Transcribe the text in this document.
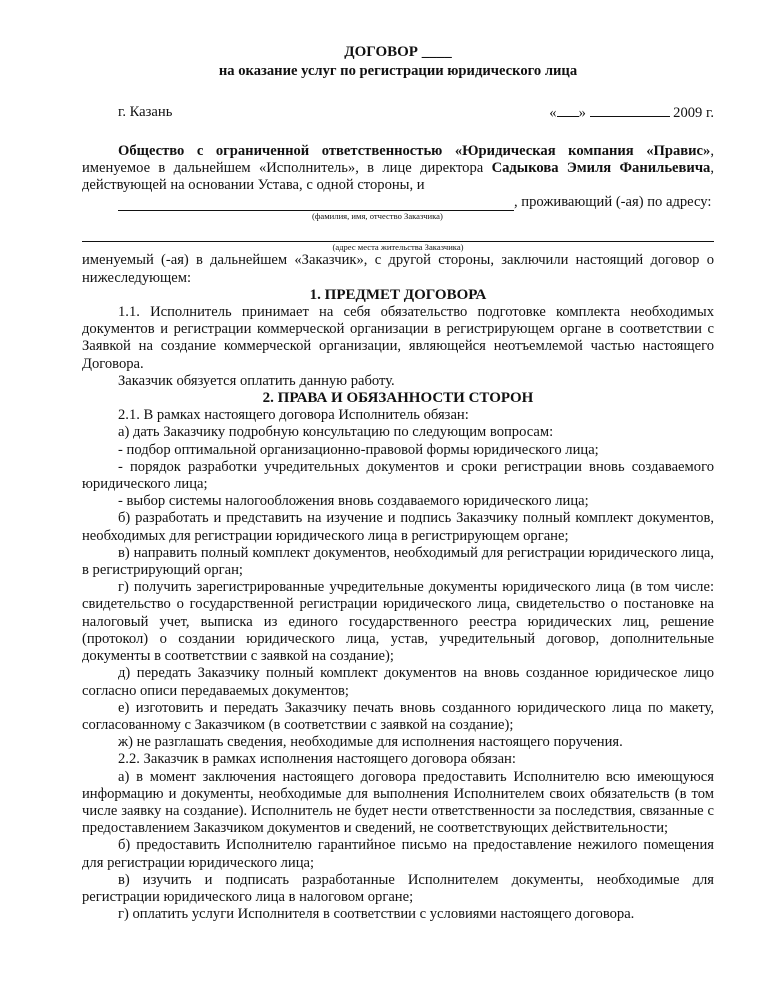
ДОГОВОР ____
на оказание услуг по регистрации юридического лица
г. Казань	« »	2009 г.

Общество с ограниченной ответственностью «Юридическая компания «Правис», именуемое в дальнейшем «Исполнитель», в лице директора Садыкова Эмиля Фанильевича, действующей на основании Устава, с одной стороны, и

, проживающий (-ая) по адресу:
(фамилия, имя, отчество Заказчика)
(адрес места жительства Заказчика)

именуемый (-ая) в дальнейшем «Заказчик», с другой стороны, заключили настоящий договор о нижеследующем:

1. ПРЕДМЕТ ДОГОВОРА

1.1. Исполнитель принимает на себя обязательство подготовке комплекта необходимых документов и регистрации коммерческой организации в регистрирующем органе в соответствии с Заявкой на создание коммерческой организации, являющейся неотъемлемой частью настоящего Договора.

Заказчик обязуется оплатить данную работу.

2. ПРАВА И ОБЯЗАННОСТИ СТОРОН

2.1. В рамках настоящего договора Исполнитель обязан:

а) дать Заказчику подробную консультацию по следующим вопросам:

- подбор оптимальной организационно-правовой формы юридического лица;

- порядок разработки учредительных документов и сроки регистрации вновь создаваемого юридического лица;

- выбор системы налогообложения вновь создаваемого юридического лица;

б) разработать и представить на изучение и подпись Заказчику полный комплект документов, необходимых для регистрации юридического лица в регистрирующем органе;

в) направить полный комплект документов, необходимый для регистрации юридического лица, в регистрирующий орган;

г) получить зарегистрированные учредительные документы юридического лица (в том числе: свидетельство о государственной регистрации юридического лица, свидетельство о постановке на налоговый учет, выписка из единого государственного реестра юридических лиц, решение (протокол) о создании юридического лица, устав, учредительный договор, дополнительные документы в соответствии с заявкой на создание);

д) передать Заказчику полный комплект документов на вновь созданное юридическое лицо согласно описи передаваемых документов;

е) изготовить и передать Заказчику печать вновь созданного юридического лица по макету, согласованному с Заказчиком (в соответствии с заявкой на создание);

ж) не разглашать сведения, необходимые для исполнения настоящего поручения.

2.2. Заказчик в рамках исполнения настоящего договора обязан:

а) в момент заключения настоящего договора предоставить Исполнителю всю имеющуюся информацию и документы, необходимые для выполнения Исполнителем своих обязательств (в том числе заявку на создание). Исполнитель не будет нести ответственности за последствия, связанные с предоставлением Заказчиком документов и сведений, не соответствующих действительности;

б) предоставить Исполнителю гарантийное письмо на предоставление нежилого помещения для регистрации юридического лица;

в) изучить и подписать разработанные Исполнителем документы, необходимые для регистрации юридического лица в налоговом органе;

г) оплатить услуги Исполнителя в соответствии с условиями настоящего договора.
